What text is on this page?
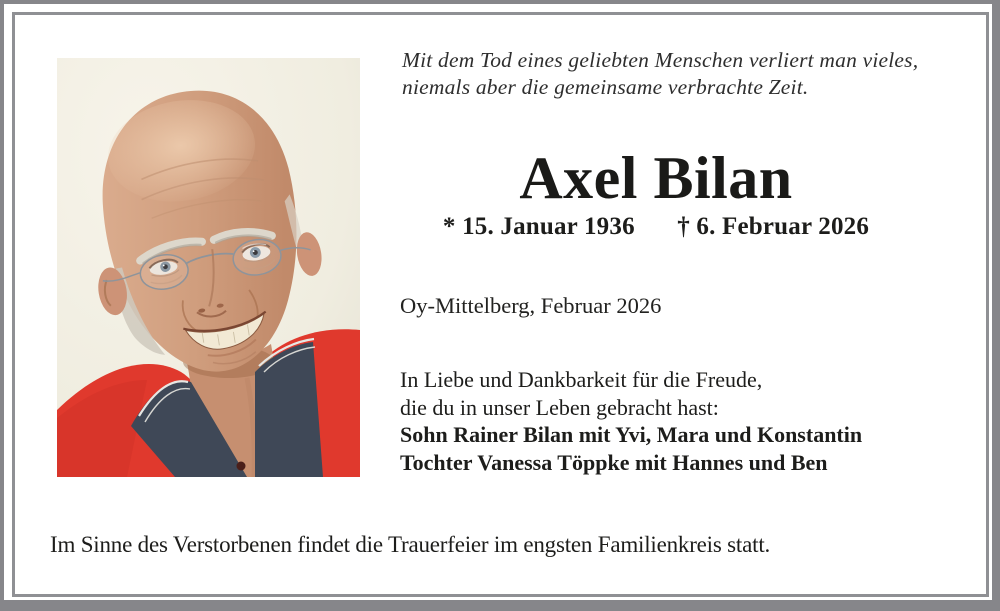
Mit dem Tod eines geliebten Menschen verliert man vieles,
niemals aber die gemeinsame verbrachte Zeit.
Axel Bilan
* 15. Januar 1936 † 6. Februar 2026
Oy-Mittelberg, Februar 2026
In Liebe und Dankbarkeit für die Freude,
die du in unser Leben gebracht hast:
Sohn Rainer Bilan mit Yvi, Mara und Konstantin
Tochter Vanessa Töppke mit Hannes und Ben
Im Sinne des Verstorbenen findet die Trauerfeier im engsten Familienkreis statt.
